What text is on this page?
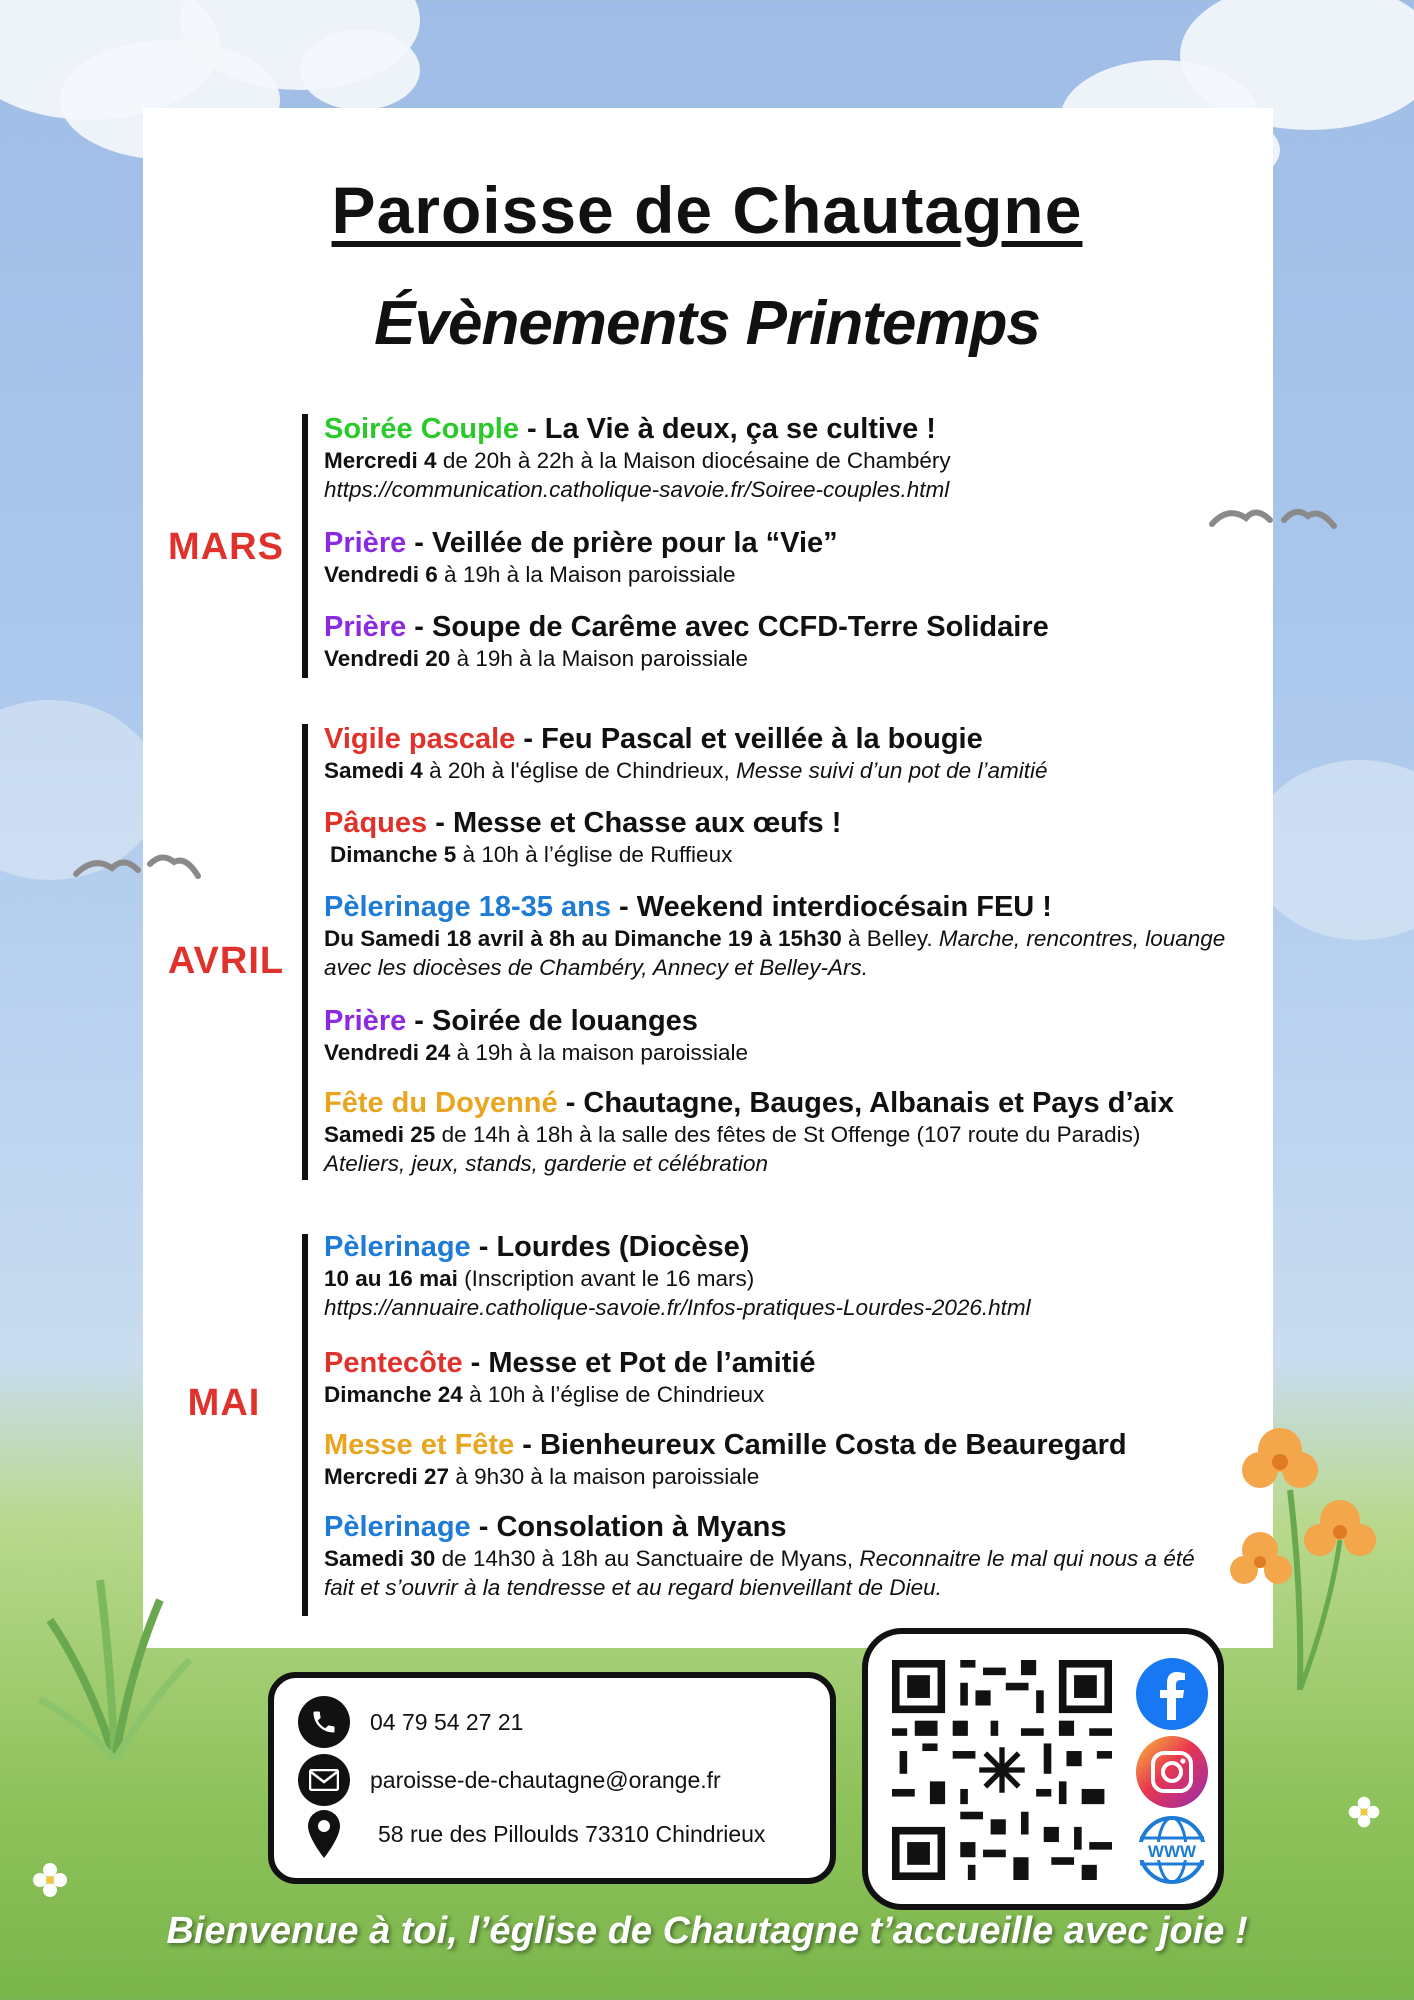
Paroisse de Chautagne
Évènements Printemps
MARS
Soirée Couple - La Vie à deux, ça se cultive !
Mercredi 4 de 20h à 22h à la Maison diocésaine de Chambéry
https://communication.catholique-savoie.fr/Soiree-couples.html
Prière - Veillée de prière pour la “Vie”
Vendredi 6 à 19h à la Maison paroissiale
Prière - Soupe de Carême avec CCFD-Terre Solidaire
Vendredi 20 à 19h à la Maison paroissiale
AVRIL
Vigile pascale - Feu Pascal et veillée à la bougie
Samedi 4 à 20h à l'église de Chindrieux, Messe suivi d’un pot de l’amitié
Pâques - Messe et Chasse aux œufs !
Dimanche 5 à 10h à l’église de Ruffieux
Pèlerinage 18-35 ans - Weekend interdiocésain FEU !
Du Samedi 18 avril à 8h au Dimanche 19 à 15h30 à Belley. Marche, rencontres, louange avec les diocèses de Chambéry, Annecy et Belley-Ars.
Prière - Soirée de louanges
Vendredi 24 à 19h à la maison paroissiale
Fête du Doyenné - Chautagne, Bauges, Albanais et Pays d’aix
Samedi 25 de 14h à 18h à la salle des fêtes de St Offenge (107 route du Paradis)
Ateliers, jeux, stands, garderie et célébration
MAI
Pèlerinage - Lourdes (Diocèse)
10 au 16 mai (Inscription avant le 16 mars)
https://annuaire.catholique-savoie.fr/Infos-pratiques-Lourdes-2026.html
Pentecôte - Messe et Pot de l’amitié
Dimanche 24 à 10h à l’église de Chindrieux
Messe et Fête - Bienheureux Camille Costa de Beauregard
Mercredi 27 à 9h30 à la maison paroissiale
Pèlerinage - Consolation à Myans
Samedi 30 de 14h30 à 18h au Sanctuaire de Myans, Reconnaitre le mal qui nous a été fait et s’ouvrir à la tendresse et au regard bienveillant de Dieu.
04 79 54 27 21
paroisse-de-chautagne@orange.fr
58 rue des Pilloulds 73310 Chindrieux
WWW
Bienvenue à toi, l’église de Chautagne t’accueille avec joie !
